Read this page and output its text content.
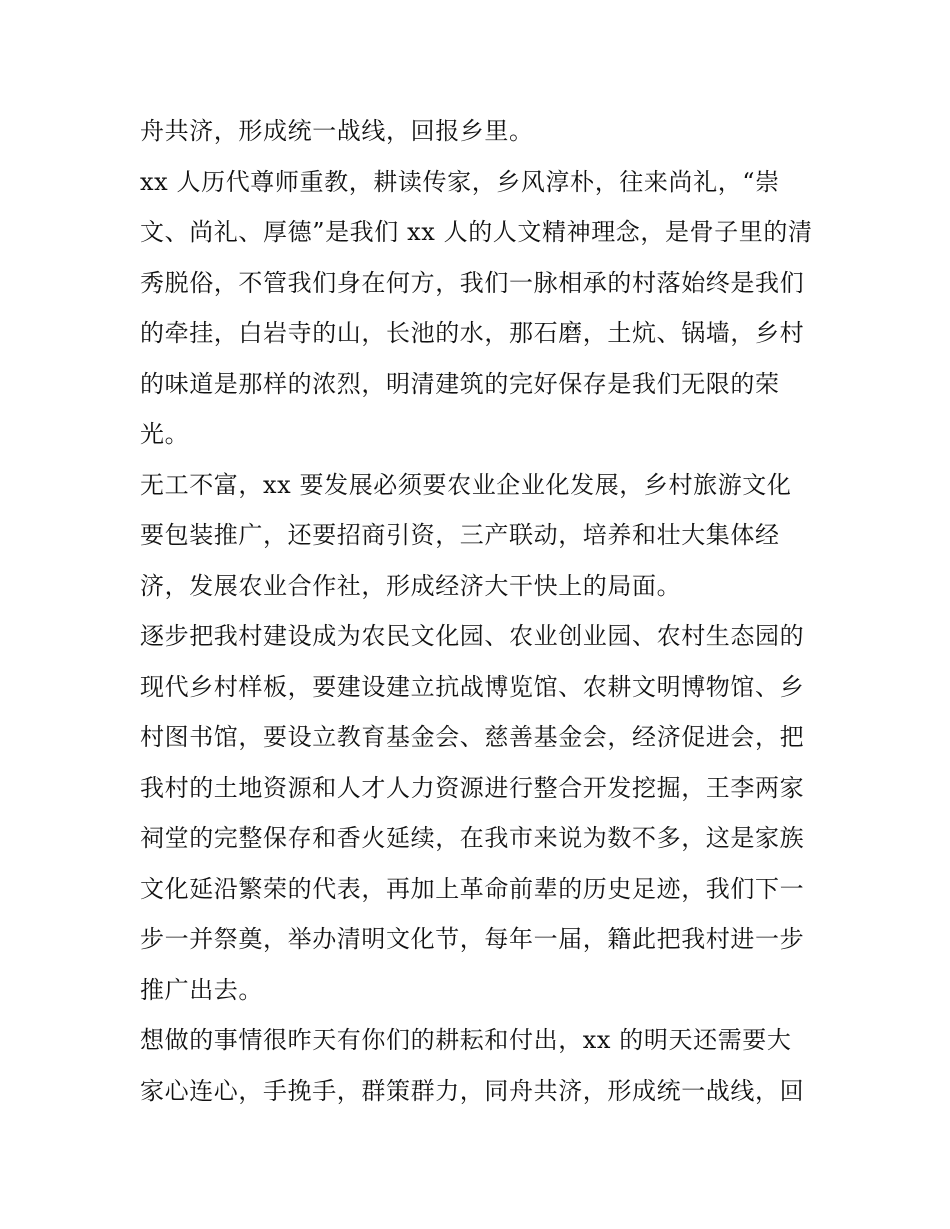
舟共济，形成统一战线，回报乡里。
xx 人历代尊师重教，耕读传家，乡风淳朴，往来尚礼，“崇
文、尚礼、厚德”是我们 xx 人的人文精神理念，是骨子里的清
秀脱俗，不管我们身在何方，我们一脉相承的村落始终是我们
的牵挂，白岩寺的山，长池的水，那石磨，土炕、锅墙，乡村
的味道是那样的浓烈，明清建筑的完好保存是我们无限的荣
光。
无工不富，xx 要发展必须要农业企业化发展，乡村旅游文化
要包装推广，还要招商引资，三产联动，培养和壮大集体经
济，发展农业合作社，形成经济大干快上的局面。
逐步把我村建设成为农民文化园、农业创业园、农村生态园的
现代乡村样板，要建设建立抗战博览馆、农耕文明博物馆、乡
村图书馆，要设立教育基金会、慈善基金会，经济促进会，把
我村的土地资源和人才人力资源进行整合开发挖掘，王李两家
祠堂的完整保存和香火延续，在我市来说为数不多，这是家族
文化延沿繁荣的代表，再加上革命前辈的历史足迹，我们下一
步一并祭奠，举办清明文化节，每年一届，籍此把我村进一步
推广出去。
想做的事情很昨天有你们的耕耘和付出，xx 的明天还需要大
家心连心，手挽手，群策群力，同舟共济，形成统一战线，回
